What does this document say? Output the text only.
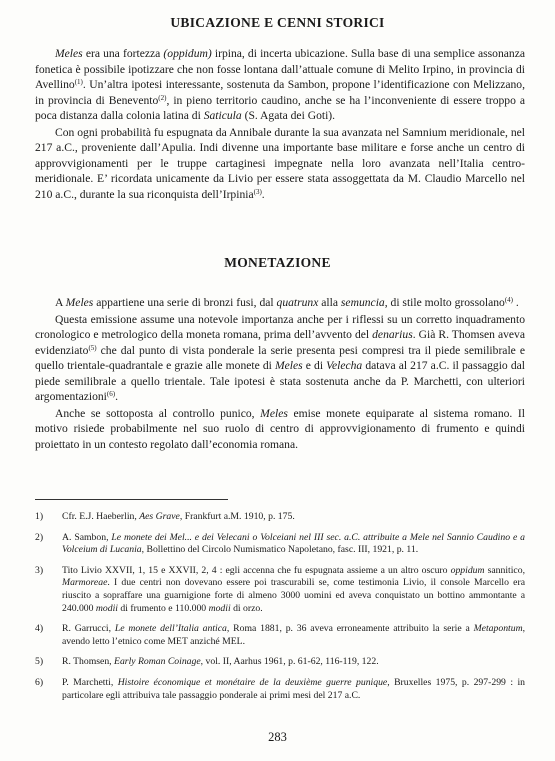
UBICAZIONE E CENNI STORICI

Meles era una fortezza (oppidum) irpina, di incerta ubicazione. Sulla base di una semplice assonanza fonetica è possibile ipotizzare che non fosse lontana dall’attuale comune di Melito Irpino, in provincia di Avellino$^{(1)}$. Un’altra ipotesi interessante, sostenuta da Sambon, propone l’identificazione con Melizzano, in provincia di Benevento$^{(2)}$, in pieno territorio caudino, anche se ha l’inconveniente di essere troppo a poca distanza dalla colonia latina di Saticula (S. Agata dei Goti).

Con ogni probabilità fu espugnata da Annibale durante la sua avanzata nel Samnium meridionale, nel 217 a.C., proveniente dall’Apulia. Indi divenne una importante base militare e forse anche un centro di approvvigionamenti per le truppe cartaginesi impegnate nella loro avanzata nell’Italia centro-meridionale. E’ ricordata unicamente da Livio per essere stata assoggettata da M. Claudio Marcello nel 210 a.C., durante la sua riconquista dell’Irpinia$^{(3)}$.

MONETAZIONE

A Meles appartiene una serie di bronzi fusi, dal quatrunx alla semuncia, di stile molto grossolano$^{(4)}$ .

Questa emissione assume una notevole importanza anche per i riflessi su un corretto inquadramento cronologico e metrologico della moneta romana, prima dell’avvento del denarius. Già R. Thomsen aveva evidenziato$^{(5)}$ che dal punto di vista ponderale la serie presenta pesi compresi tra il piede semilibrale e quello trientale-quadrantale e grazie alle monete di Meles e di Velecha datava al 217 a.C. il passaggio dal piede semilibrale a quello trientale. Tale ipotesi è stata sostenuta anche da P. Marchetti, con ulteriori argomentazioni$^{(6)}$.

Anche se sottoposta al controllo punico, Meles emise monete equiparate al sistema romano. Il motivo risiede probabilmente nel suo ruolo di centro di approvvigionamento di frumento e quindi proiettato in un contesto regolato dall’economia romana.

1)	Cfr. E.J. Haeberlin, Aes Grave, Frankfurt a.M. 1910, p. 175.
2)	A. Sambon, Le monete dei Mel... e dei Velecani o Volceiani nel III sec. a.C. attribuite a Mele nel Sannio Caudino e a Volceium di Lucania, Bollettino del Circolo Numismatico Napoletano, fasc. III, 1921, p. 11.
3)	Tito Livio XXVII, 1, 15 e XXVII, 2, 4 : egli accenna che fu espugnata assieme a un altro oscuro oppidum sannitico, Marmoreae. I due centri non dovevano essere poi trascurabili se, come testimonia Livio, il console Marcello era riuscito a sopraffare una guarnigione forte di almeno 3000 uomini ed aveva conquistato un bottino ammontante a 240.000 modii di frumento e 110.000 modii di orzo.
4)	R. Garrucci, Le monete dell’Italia antica, Roma 1881, p. 36 aveva erroneamente attribuito la serie a Metapontum, avendo letto l’etnico come MET anziché MEL.
5)	R. Thomsen, Early Roman Coinage, vol. II, Aarhus 1961, p. 61-62, 116-119, 122.
6)	P. Marchetti, Histoire économique et monétaire de la deuxième guerre punique, Bruxelles 1975, p. 297-299 : in particolare egli attribuiva tale passaggio ponderale ai primi mesi del 217 a.C.
283
